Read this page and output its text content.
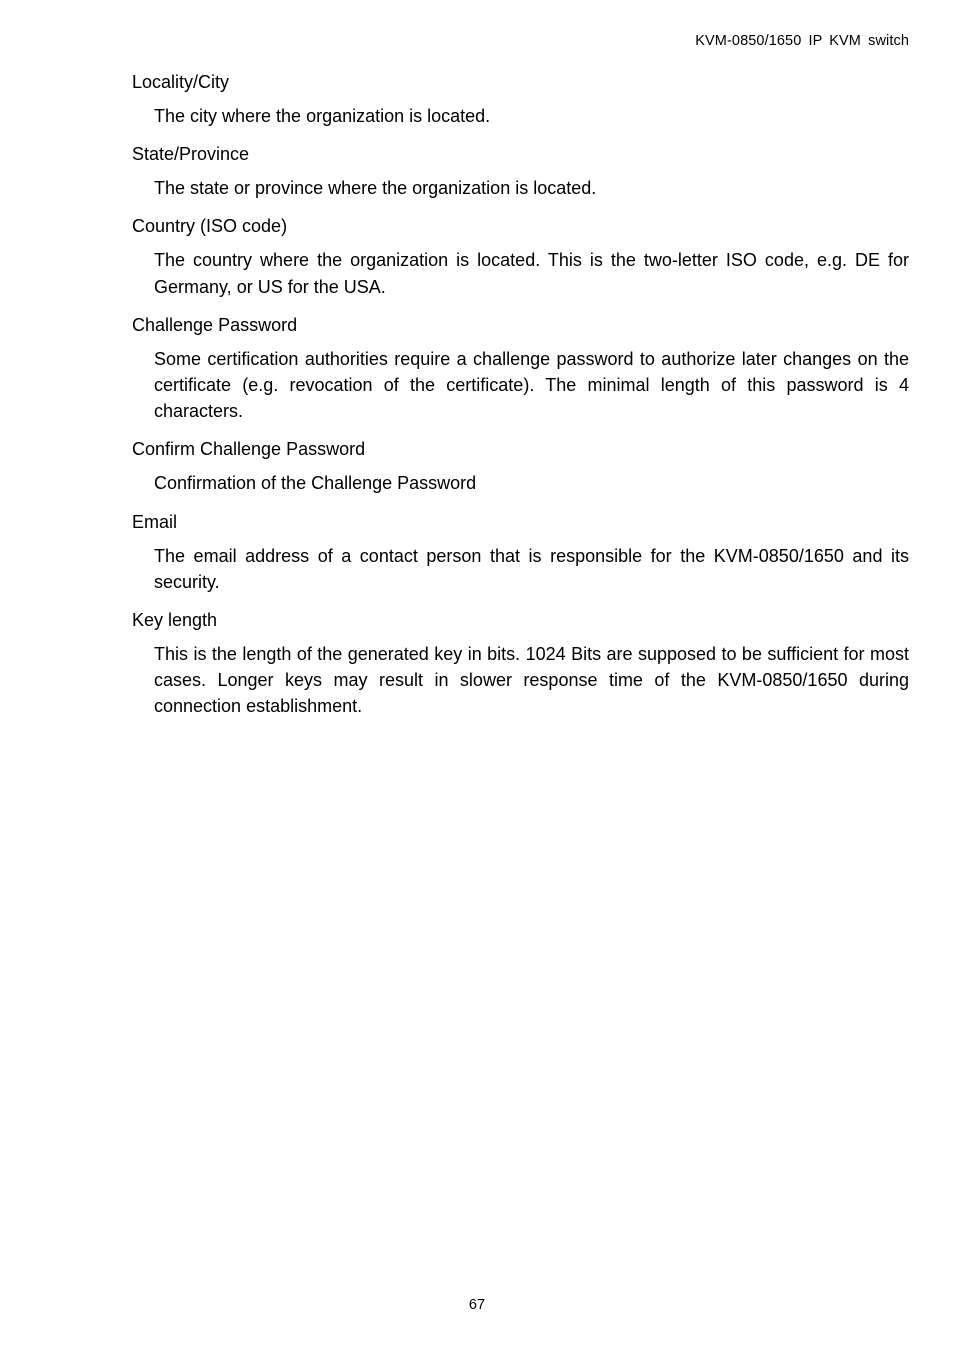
KVM-0850/1650 IP KVM switch

Locality/City

The city where the organization is located.

State/Province

The state or province where the organization is located.

Country (ISO code)

The country where the organization is located. This is the two-letter ISO code, e.g. DE for Germany, or US for the USA.

Challenge Password

Some certification authorities require a challenge password to authorize later changes on the certificate (e.g. revocation of the certificate). The minimal length of this password is 4 characters.

Confirm Challenge Password

Confirmation of the Challenge Password

Email

The email address of a contact person that is responsible for the KVM-0850/1650 and its security.

Key length

This is the length of the generated key in bits. 1024 Bits are supposed to be sufficient for most cases. Longer keys may result in slower response time of the KVM-0850/1650 during connection establishment.

67
